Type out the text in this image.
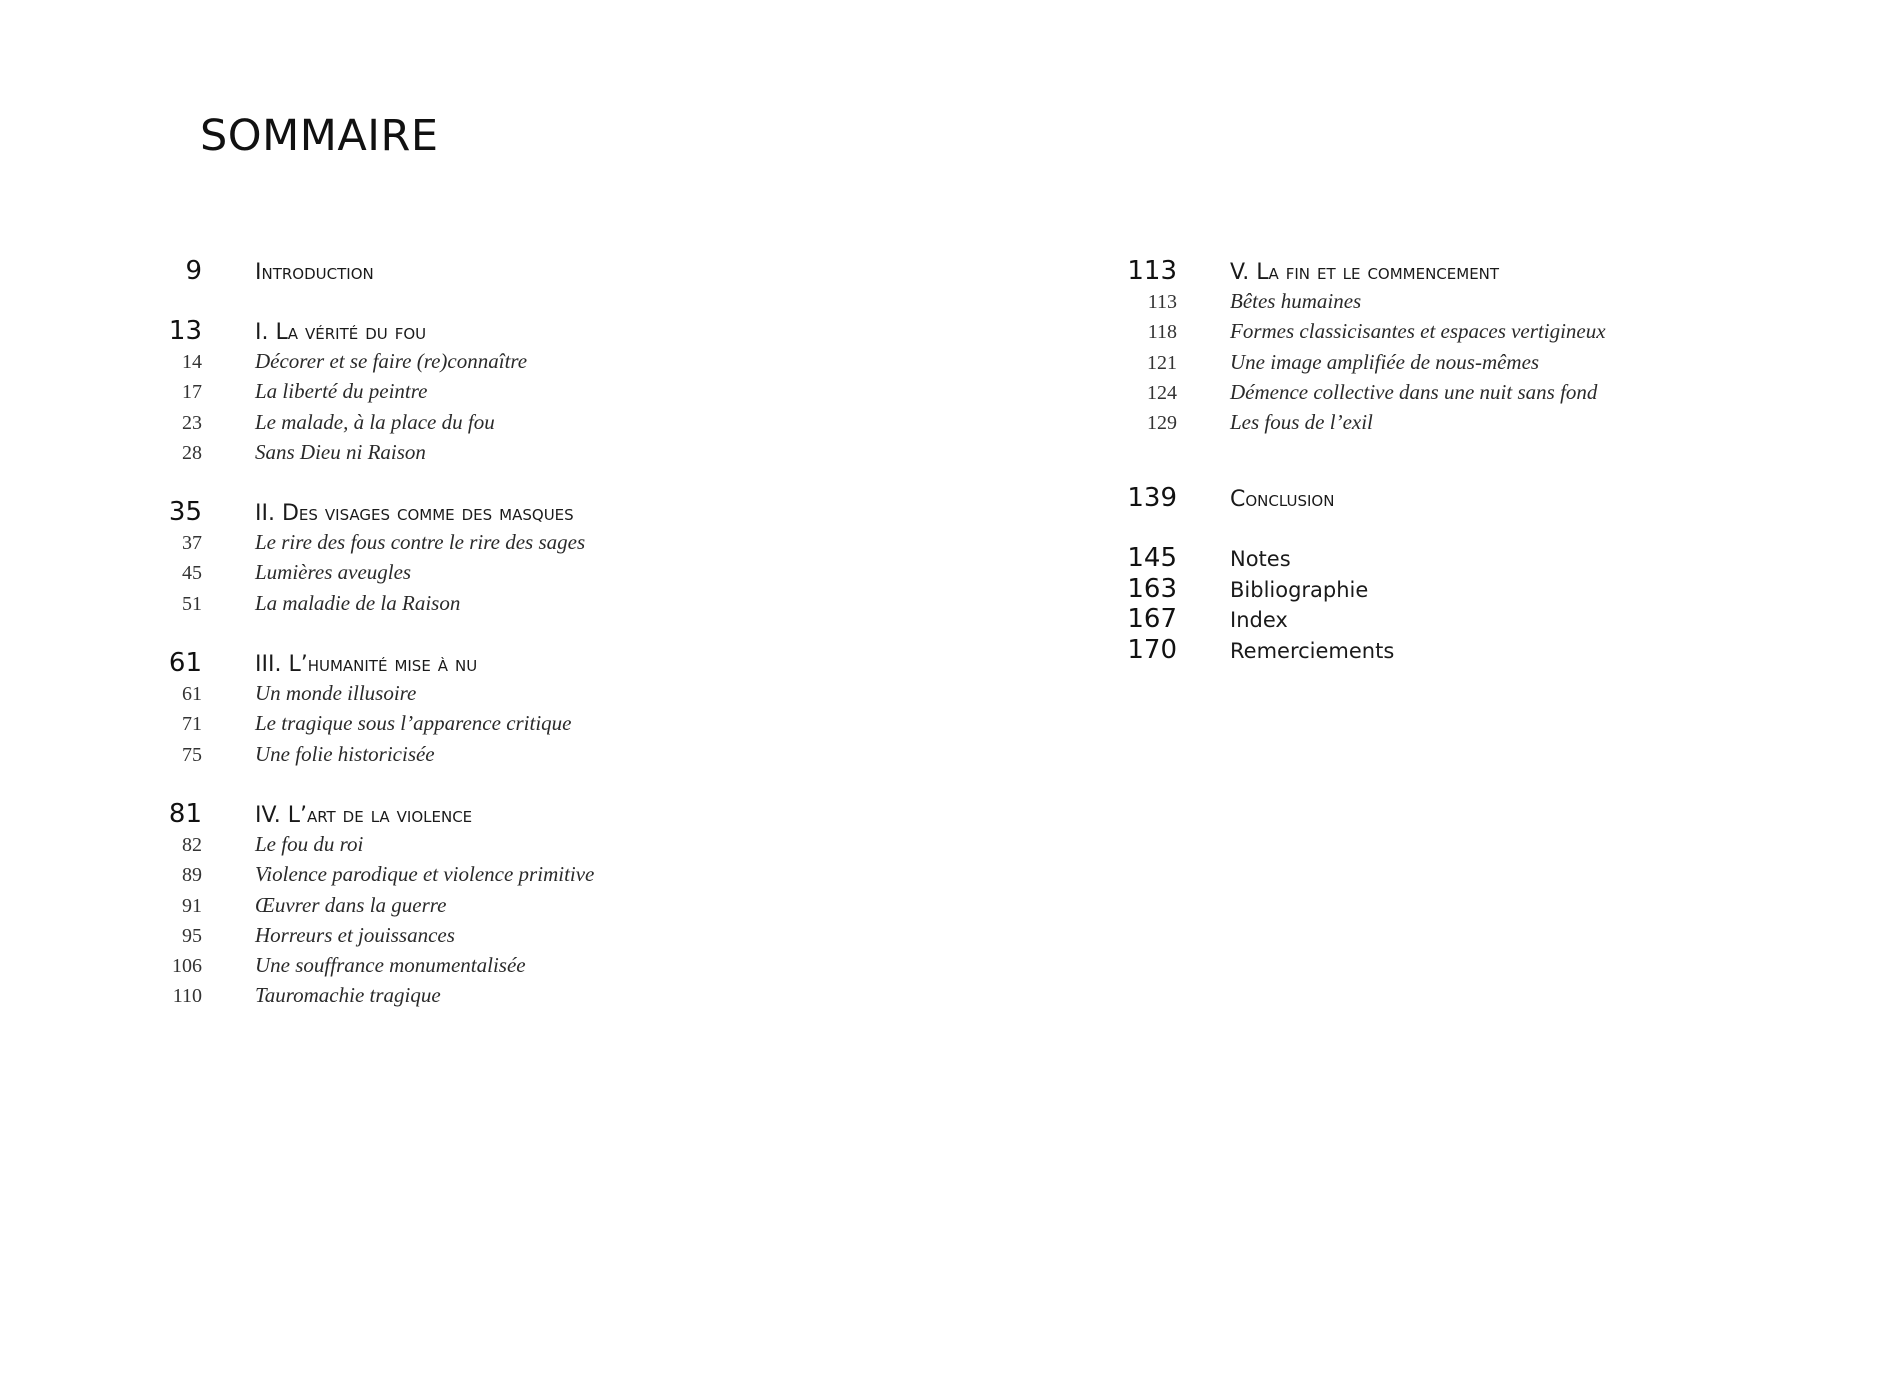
SOMMAIRE
9 Introduction
13 I. La vérité du fou
14	Décorer et se faire (re)connaître
17	La liberté du peintre
23	Le malade, à la place du fou
28	Sans Dieu ni Raison
35 II. Des visages comme des masques
37	Le rire des fous contre le rire des sages
45	Lumières aveugles
51	La maladie de la Raison
61 III. L’humanité mise à nu
61	Un monde illusoire
71	Le tragique sous l’apparence critique
75	Une folie historicisée
81 IV. L’art de la violence
82	Le fou du roi
89	Violence parodique et violence primitive
91	Œuvrer dans la guerre
95	Horreurs et jouissances
106	Une souffrance monumentalisée
110	Tauromachie tragique
113 V. La fin et le commencement
113	Bêtes humaines
118	Formes classicisantes et espaces vertigineux
121	Une image amplifiée de nous-mêmes
124	Démence collective dans une nuit sans fond
129	Les fous de l’exil
139 Conclusion
145	Notes
163	Bibliographie
167	Index
170	Remerciements
